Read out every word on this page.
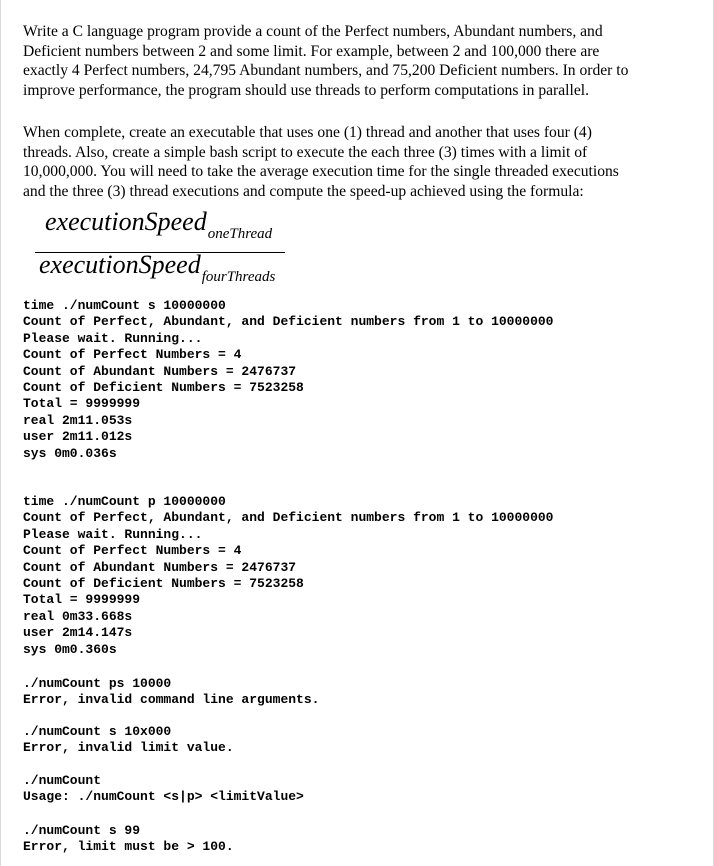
Write a C language program provide a count of the Perfect numbers, Abundant numbers, and
Deficient numbers between 2 and some limit. For example, between 2 and 100,000 there are
exactly 4 Perfect numbers, 24,795 Abundant numbers, and 75,200 Deficient numbers. In order to
improve performance, the program should use threads to perform computations in parallel.

When complete, create an executable that uses one (1) thread and another that uses four (4)
threads. Also, create a simple bash script to execute the each three (3) times with a limit of
10,000,000. You will need to take the average execution time for the single threaded executions
and the three (3) thread executions and compute the speed-up achieved using the formula:

executionSpeed$_{oneThread}$
executionSpeed$_{fourThreads}$
time ./numCount s 10000000
Count of Perfect, Abundant, and Deficient numbers from 1 to 10000000
Please wait. Running...
Count of Perfect Numbers = 4
Count of Abundant Numbers = 2476737
Count of Deficient Numbers = 7523258
Total = 9999999
real 2m11.053s
user 2m11.012s
sys 0m0.036s
time ./numCount p 10000000
Count of Perfect, Abundant, and Deficient numbers from 1 to 10000000
Please wait. Running...
Count of Perfect Numbers = 4
Count of Abundant Numbers = 2476737
Count of Deficient Numbers = 7523258
Total = 9999999
real 0m33.668s
user 2m14.147s
sys 0m0.360s
./numCount ps 10000
Error, invalid command line arguments.
./numCount s 10x000
Error, invalid limit value.
./numCount
Usage: ./numCount <s|p> <limitValue>
./numCount s 99
Error, limit must be > 100.
